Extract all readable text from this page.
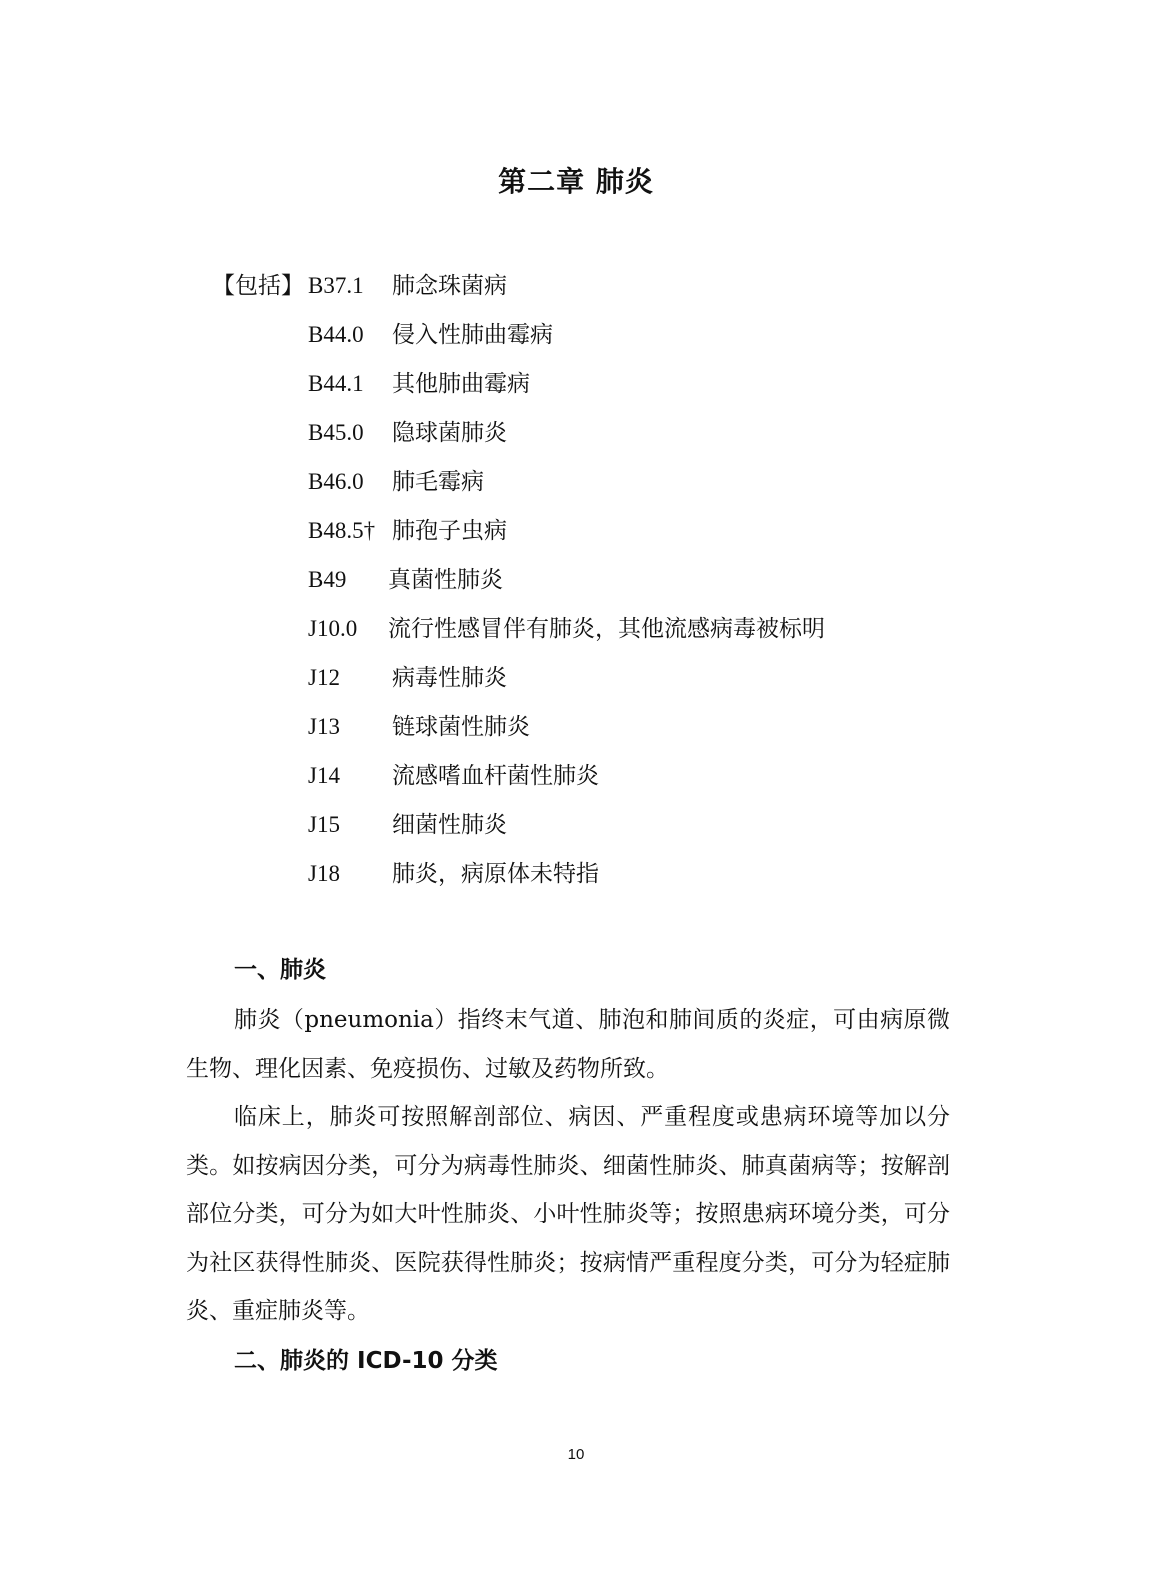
第二章 肺炎
【包括】 B37.1 肺念珠菌病
B44.0 侵入性肺曲霉病
B44.1 其他肺曲霉病
B45.0 隐球菌肺炎
B46.0 肺毛霉病
B48.5† 肺孢子虫病
B49 真菌性肺炎
J10.0 流行性感冒伴有肺炎，其他流感病毒被标明
J12 病毒性肺炎
J13 链球菌性肺炎
J14 流感嗜血杆菌性肺炎
J15 细菌性肺炎
J18 肺炎，病原体未特指
一、肺炎

肺炎（pneumonia）指终末气道、肺泡和肺间质的炎症，可由病原微生物、理化因素、免疫损伤、过敏及药物所致。

临床上，肺炎可按照解剖部位、病因、严重程度或患病环境等加以分类。如按病因分类，可分为病毒性肺炎、细菌性肺炎、肺真菌病等；按解剖部位分类，可分为如大叶性肺炎、小叶性肺炎等；按照患病环境分类，可分为社区获得性肺炎、医院获得性肺炎；按病情严重程度分类，可分为轻症肺炎、重症肺炎等。

二、肺炎的 ICD-10 分类
10
